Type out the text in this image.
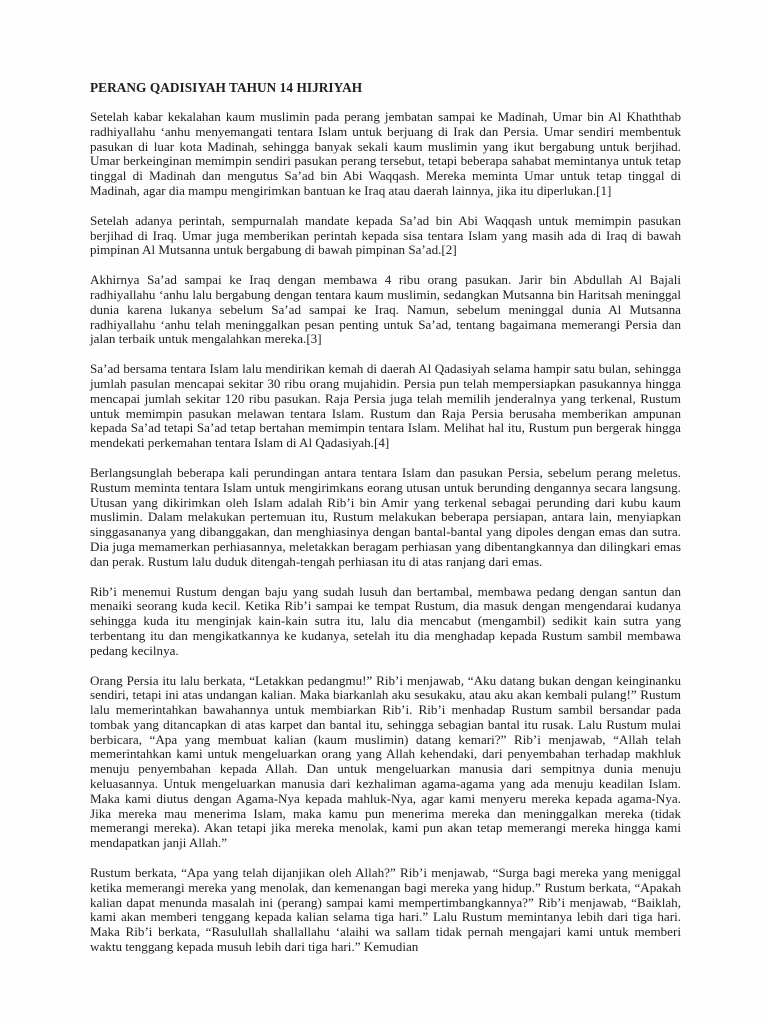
PERANG QADISIYAH TAHUN 14 HIJRIYAH

Setelah kabar kekalahan kaum muslimin pada perang jembatan sampai ke Madinah, Umar bin Al Khaththab radhiyallahu ‘anhu menyemangati tentara Islam untuk berjuang di Irak dan Persia. Umar sendiri membentuk pasukan di luar kota Madinah, sehingga banyak sekali kaum muslimin yang ikut bergabung untuk berjihad. Umar berkeinginan memimpin sendiri pasukan perang tersebut, tetapi beberapa sahabat memintanya untuk tetap tinggal di Madinah dan mengutus Sa’ad bin Abi Waqqash. Mereka meminta Umar untuk tetap tinggal di Madinah, agar dia mampu mengirimkan bantuan ke Iraq atau daerah lainnya, jika itu diperlukan.[1]

Setelah adanya perintah, sempurnalah mandate kepada Sa’ad bin Abi Waqqash untuk memimpin pasukan berjihad di Iraq. Umar juga memberikan perintah kepada sisa tentara Islam yang masih ada di Iraq di bawah pimpinan Al Mutsanna untuk bergabung di bawah pimpinan Sa’ad.[2]

Akhirnya Sa’ad sampai ke Iraq dengan membawa 4 ribu orang pasukan. Jarir bin Abdullah Al Bajali radhiyallahu ‘anhu lalu bergabung dengan tentara kaum muslimin, sedangkan Mutsanna bin Haritsah meninggal dunia karena lukanya sebelum Sa’ad sampai ke Iraq. Namun, sebelum meninggal dunia Al Mutsanna radhiyallahu ‘anhu telah meninggalkan pesan penting untuk Sa’ad, tentang bagaimana memerangi Persia dan jalan terbaik untuk mengalahkan mereka.[3]

Sa’ad bersama tentara Islam lalu mendirikan kemah di daerah Al Qadasiyah selama hampir satu bulan, sehingga jumlah pasulan mencapai sekitar 30 ribu orang mujahidin. Persia pun telah mempersiapkan pasukannya hingga mencapai jumlah sekitar 120 ribu pasukan. Raja Persia juga telah memilih jenderalnya yang terkenal, Rustum untuk memimpin pasukan melawan tentara Islam. Rustum dan Raja Persia berusaha memberikan ampunan kepada Sa’ad tetapi Sa’ad tetap bertahan memimpin tentara Islam. Melihat hal itu, Rustum pun bergerak hingga mendekati perkemahan tentara Islam di Al Qadasiyah.[4]

Berlangsunglah beberapa kali perundingan antara tentara Islam dan pasukan Persia, sebelum perang meletus. Rustum meminta tentara Islam untuk mengirimkans eorang utusan untuk berunding dengannya secara langsung. Utusan yang dikirimkan oleh Islam adalah Rib’i bin Amir yang terkenal sebagai perunding dari kubu kaum muslimin. Dalam melakukan pertemuan itu, Rustum melakukan beberapa persiapan, antara lain, menyiapkan singgasananya yang dibanggakan, dan menghiasinya dengan bantal-bantal yang dipoles dengan emas dan sutra. Dia juga memamerkan perhiasannya, meletakkan beragam perhiasan yang dibentangkannya dan dilingkari emas dan perak. Rustum lalu duduk ditengah-tengah perhiasan itu di atas ranjang dari emas.

Rib’i menemui Rustum dengan baju yang sudah lusuh dan bertambal, membawa pedang dengan santun dan menaiki seorang kuda kecil. Ketika Rib’i sampai ke tempat Rustum, dia masuk dengan mengendarai kudanya sehingga kuda itu menginjak kain-kain sutra itu, lalu dia mencabut (mengambil) sedikit kain sutra yang terbentang itu dan mengikatkannya ke kudanya, setelah itu dia menghadap kepada Rustum sambil membawa pedang kecilnya.

Orang Persia itu lalu berkata, “Letakkan pedangmu!” Rib’i menjawab, “Aku datang bukan dengan keinginanku sendiri, tetapi ini atas undangan kalian. Maka biarkanlah aku sesukaku, atau aku akan kembali pulang!” Rustum lalu memerintahkan bawahannya untuk membiarkan Rib’i. Rib’i menhadap Rustum sambil bersandar pada tombak yang ditancapkan di atas karpet dan bantal itu, sehingga sebagian bantal itu rusak. Lalu Rustum mulai berbicara, “Apa yang membuat kalian (kaum muslimin) datang kemari?” Rib’i menjawab, “Allah telah memerintahkan kami untuk mengeluarkan orang yang Allah kehendaki, dari penyembahan terhadap makhluk menuju penyembahan kepada Allah. Dan untuk mengeluarkan manusia dari sempitnya dunia menuju keluasannya. Untuk mengeluarkan manusia dari kezhaliman agama-agama yang ada menuju keadilan Islam. Maka kami diutus dengan Agama-Nya kepada mahluk-Nya, agar kami menyeru mereka kepada agama-Nya. Jika mereka mau menerima Islam, maka kamu pun menerima mereka dan meninggalkan mereka (tidak memerangi mereka). Akan tetapi jika mereka menolak, kami pun akan tetap memerangi mereka hingga kami mendapatkan janji Allah.”

Rustum berkata, “Apa yang telah dijanjikan oleh Allah?” Rib’i menjawab, “Surga bagi mereka yang meniggal ketika memerangi mereka yang menolak, dan kemenangan bagi mereka yang hidup.” Rustum berkata, “Apakah kalian dapat menunda masalah ini (perang) sampai kami mempertimbangkannya?” Rib’i menjawab, “Baiklah, kami akan memberi tenggang kepada kalian selama tiga hari.” Lalu Rustum memintanya lebih dari tiga hari. Maka Rib’i berkata, “Rasulullah shallallahu ‘alaihi wa sallam tidak pernah mengajari kami untuk memberi waktu tenggang kepada musuh lebih dari tiga hari.” Kemudian
